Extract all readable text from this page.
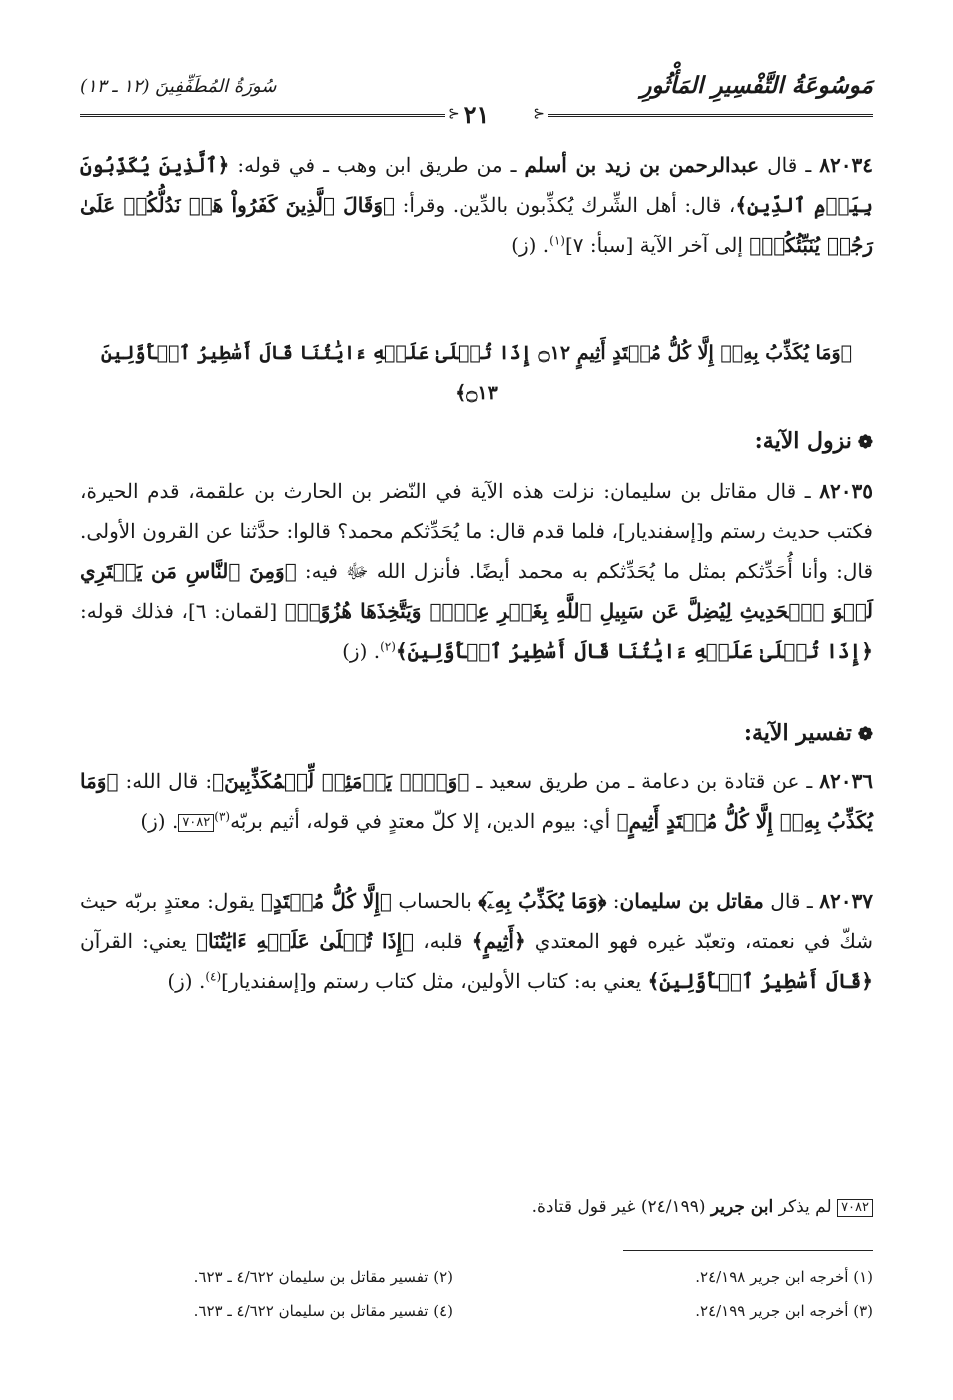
مَوسُوعَةُ التَّفْسِيرِ المَأْثُورِ
سُورَةُ المُطَفِّفِينَ (١٢ ـ ١٣)
⊰
⊰ ٢١

٨٢٠٣٤ ـ قال عبدالرحمن بن زيد بن أسلم ـ من طريق ابن وهب ـ في قوله: ﴿ٱلَّذِينَ يُكَذِّبُونَ بِيَوۡمِ ٱلدِّينِ﴾، قال: أهل الشِّرك يُكذِّبون بالدِّين. وقرأ: ﴿وَقَالَ ٱلَّذِينَ كَفَرُواْ هَلۡ نَدُلُّكُمۡ عَلَىٰ رَجُلٖ يُنَبِّئُكُمۡ﴾ إلى آخر الآية [سبأ: ٧]$^{(١)}$. (ز)

﴿وَمَا يُكَذِّبُ بِهِۦٓ إِلَّا كُلُّ مُعۡتَدٍ أَثِيمٍ ۝١٢ إِذَا تُتۡلَىٰ عَلَيۡهِ ءَايَٰتُنَا قَالَ أَسَٰطِيرُ ٱلۡأَوَّلِينَ ۝١٣﴾
❁نزول الآية:

٨٢٠٣٥ ـ قال مقاتل بن سليمان: نزلت هذه الآية في النّضر بن الحارث بن علقمة، قدم الحيرة، فكتب حديث رستم و[إسفنديار]، فلما قدم قال: ما يُحَدِّثكم محمد؟ قالوا: حدَّثنا عن القرون الأولى. قال: وأنا أُحَدِّثكم بمثل ما يُحَدِّثكم به محمد أيضًا. فأنزل الله ﷻ فيه: ﴿وَمِنَ ٱلنَّاسِ مَن يَشۡتَرِي لَهۡوَ ٱلۡحَدِيثِ لِيُضِلَّ عَن سَبِيلِ ٱللَّهِ بِغَيۡرِ عِلۡمٖ وَيَتَّخِذَهَا هُزُوًاۚ﴾ [لقمان: ٦]، فذلك قوله: ﴿إِذَا تُتۡلَىٰ عَلَيۡهِ ءَايَٰتُنَا قَالَ أَسَٰطِيرُ ٱلۡأَوَّلِينَ﴾$^{(٢)}$. (ز)

❁تفسير الآية:

٨٢٠٣٦ ـ عن قتادة بن دعامة ـ من طريق سعيد ـ ﴿وَيۡلٞ يَوۡمَئِذٖ لِّلۡمُكَذِّبِينَ﴾: قال الله: ﴿وَمَا يُكَذِّبُ بِهِۦٓ إِلَّا كُلُّ مُعۡتَدٍ أَثِيمٍ﴾ أي: بيوم الدين، إلا كلّ معتدٍ في قوله، أثيم بربّه$^{(٣)}$٧٠٨٢. (ز)

٨٢٠٣٧ ـ قال مقاتل بن سليمان: ﴿وَمَا يُكَذِّبُ بِهِۦٓ﴾ بالحساب ﴿إِلَّا كُلُّ مُعۡتَدٍ﴾ يقول: معتدٍ بربّه حيث شكّ في نعمته، وتعبّد غيره فهو المعتدي ﴿أَثِيمٍ﴾ قلبه، ﴿إِذَا تُتۡلَىٰ عَلَيۡهِ ءَايَٰتُنَا﴾ يعني: القرآن ﴿قَالَ أَسَٰطِيرُ ٱلۡأَوَّلِينَ﴾ يعني به: كتاب الأولين، مثل كتاب رستم و[إسفنديار]$^{(٤)}$. (ز)

٧٠٨٢ لم يذكر ابن جرير (٢٤/١٩٩) غير قول قتادة.
(١) أخرجه ابن جرير ٢٤/١٩٨.
(٢) تفسير مقاتل بن سليمان ٤/٦٢٢ ـ ٦٢٣.
(٣) أخرجه ابن جرير ٢٤/١٩٩.
(٤) تفسير مقاتل بن سليمان ٤/٦٢٢ ـ ٦٢٣.
